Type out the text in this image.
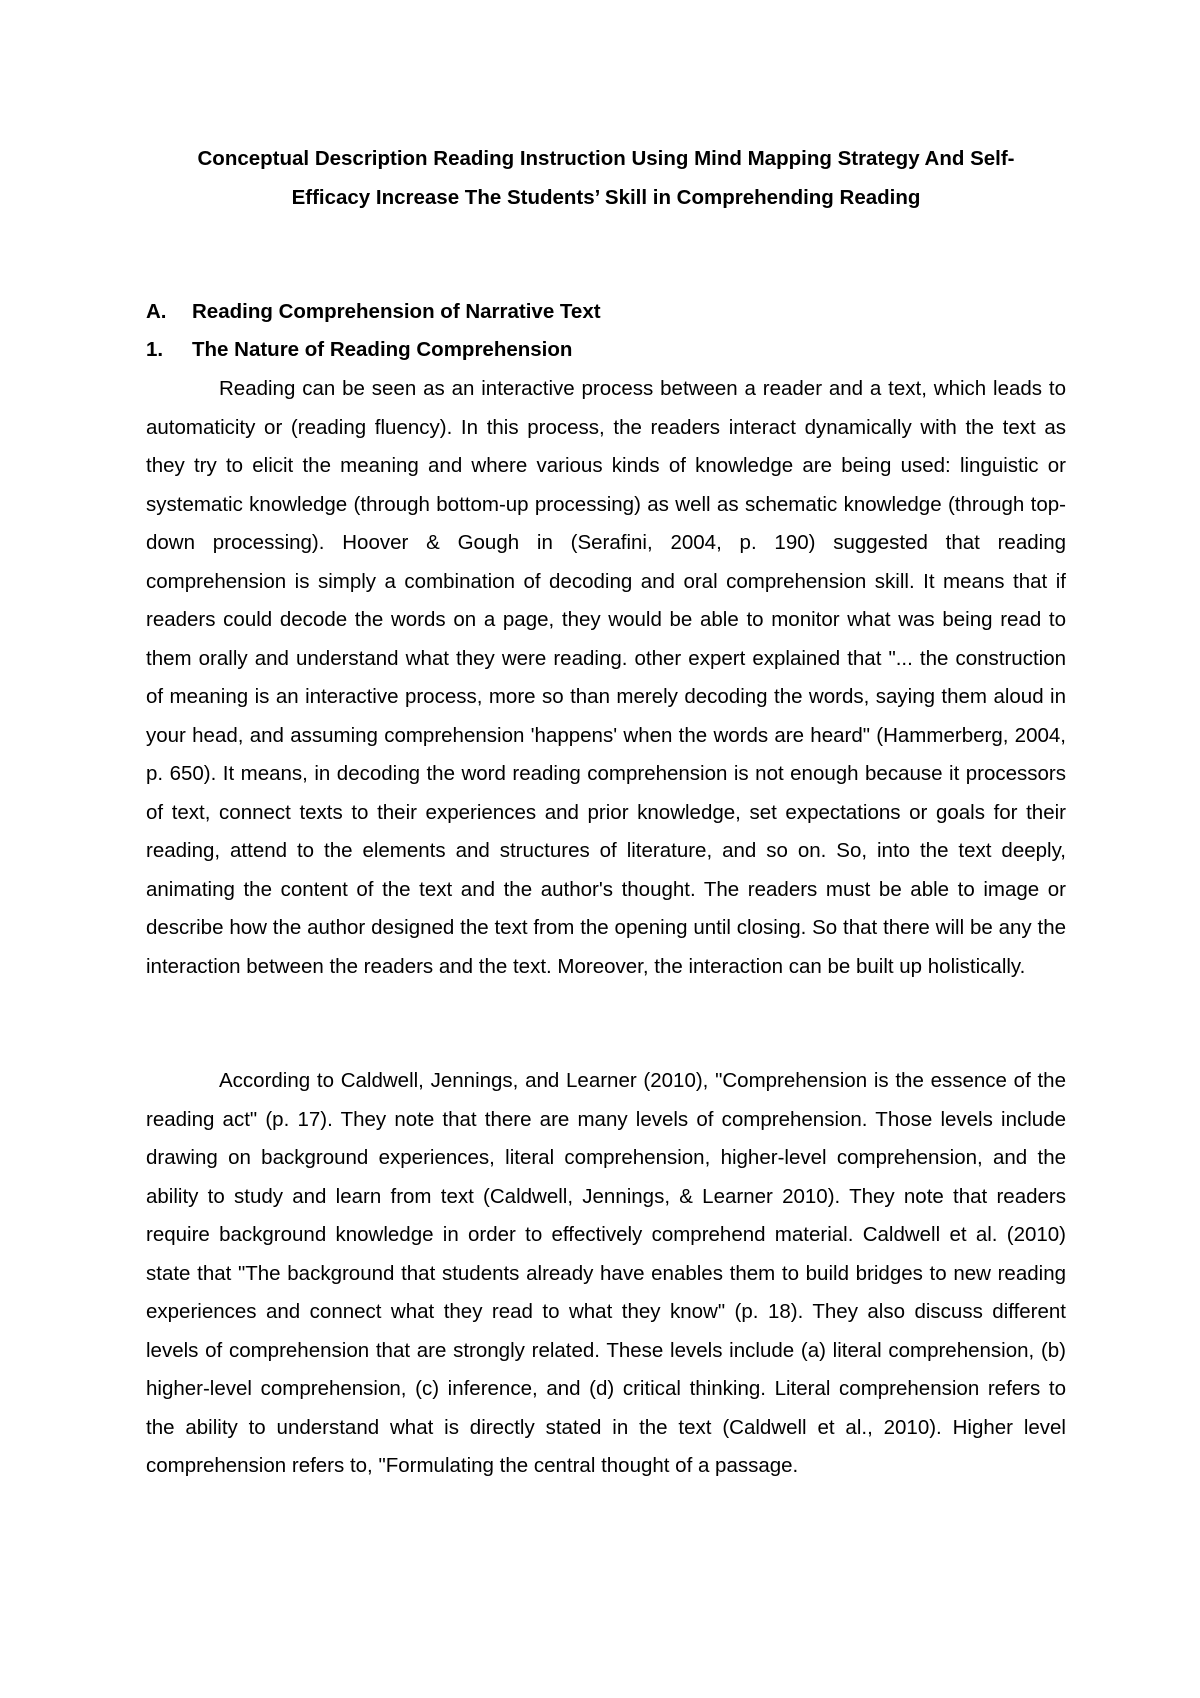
Conceptual Description Reading Instruction Using Mind Mapping Strategy And Self-
Efficacy Increase The Students’ Skill in Comprehending Reading
A. Reading Comprehension of Narrative Text
1. The Nature of Reading Comprehension

Reading can be seen as an interactive process between a reader and a text, which leads to automaticity or (reading fluency). In this process, the readers interact dynamically with the text as they try to elicit the meaning and where various kinds of knowledge are being used: linguistic or systematic knowledge (through bottom-up processing) as well as schematic knowledge (through top-down processing). Hoover & Gough in (Serafini, 2004, p. 190) suggested that reading comprehension is simply a combination of decoding and oral comprehension skill. It means that if readers could decode the words on a page, they would be able to monitor what was being read to them orally and understand what they were reading. other expert explained that "... the construction of meaning is an interactive process, more so than merely decoding the words, saying them aloud in your head, and assuming comprehension 'happens' when the words are heard" (Hammerberg, 2004, p. 650). It means, in decoding the word reading comprehension is not enough because it processors of text, connect texts to their experiences and prior knowledge, set expectations or goals for their reading, attend to the elements and structures of literature, and so on. So, into the text deeply, animating the content of the text and the author's thought. The readers must be able to image or describe how the author designed the text from the opening until closing. So that there will be any the interaction between the readers and the text. Moreover, the interaction can be built up holistically.

According to Caldwell, Jennings, and Learner (2010), "Comprehension is the essence of the reading act" (p. 17). They note that there are many levels of comprehension. Those levels include drawing on background experiences, literal comprehension, higher-level comprehension, and the ability to study and learn from text (Caldwell, Jennings, & Learner 2010). They note that readers require background knowledge in order to effectively comprehend material. Caldwell et al. (2010) state that "The background that students already have enables them to build bridges to new reading experiences and connect what they read to what they know" (p. 18). They also discuss different levels of comprehension that are strongly related. These levels include (a) literal comprehension, (b) higher-level comprehension, (c) inference, and (d) critical thinking. Literal comprehension refers to the ability to understand what is directly stated in the text (Caldwell et al., 2010). Higher level comprehension refers to, "Formulating the central thought of a passage.
